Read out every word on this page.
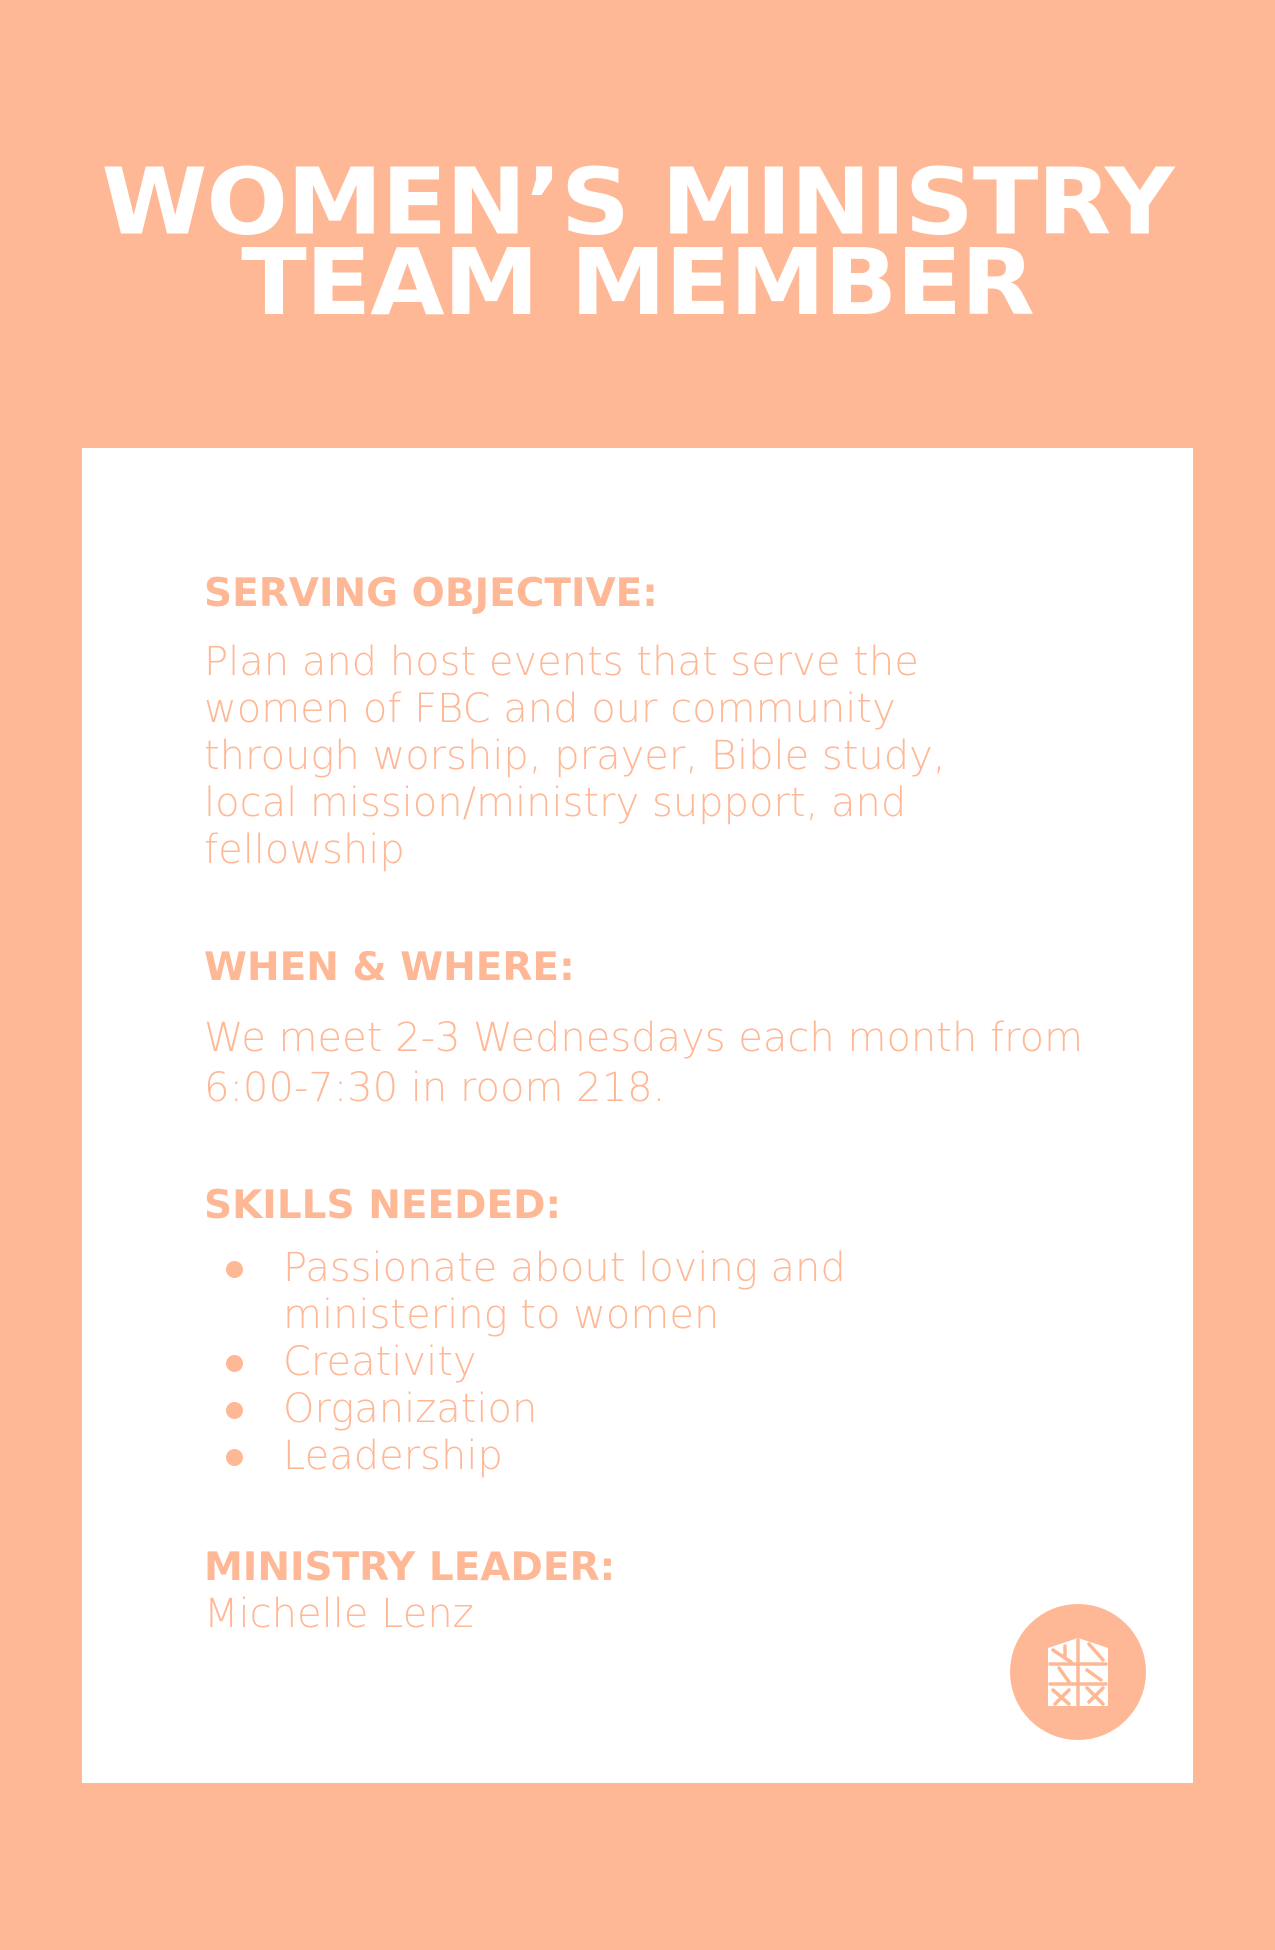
WOMEN’S MINISTRY
TEAM MEMBER
SERVING OBJECTIVE:

Plan and host events that serve the women of FBC and our community through worship, prayer, Bible study, local mission/ministry support, and fellowship

WHEN & WHERE:

We meet 2-3 Wednesdays each month from 6:00-7:30 in room 218.

SKILLS NEEDED:
Passionate about loving and ministering to women
Creativity
Organization
Leadership
MINISTRY LEADER:

Michelle Lenz
